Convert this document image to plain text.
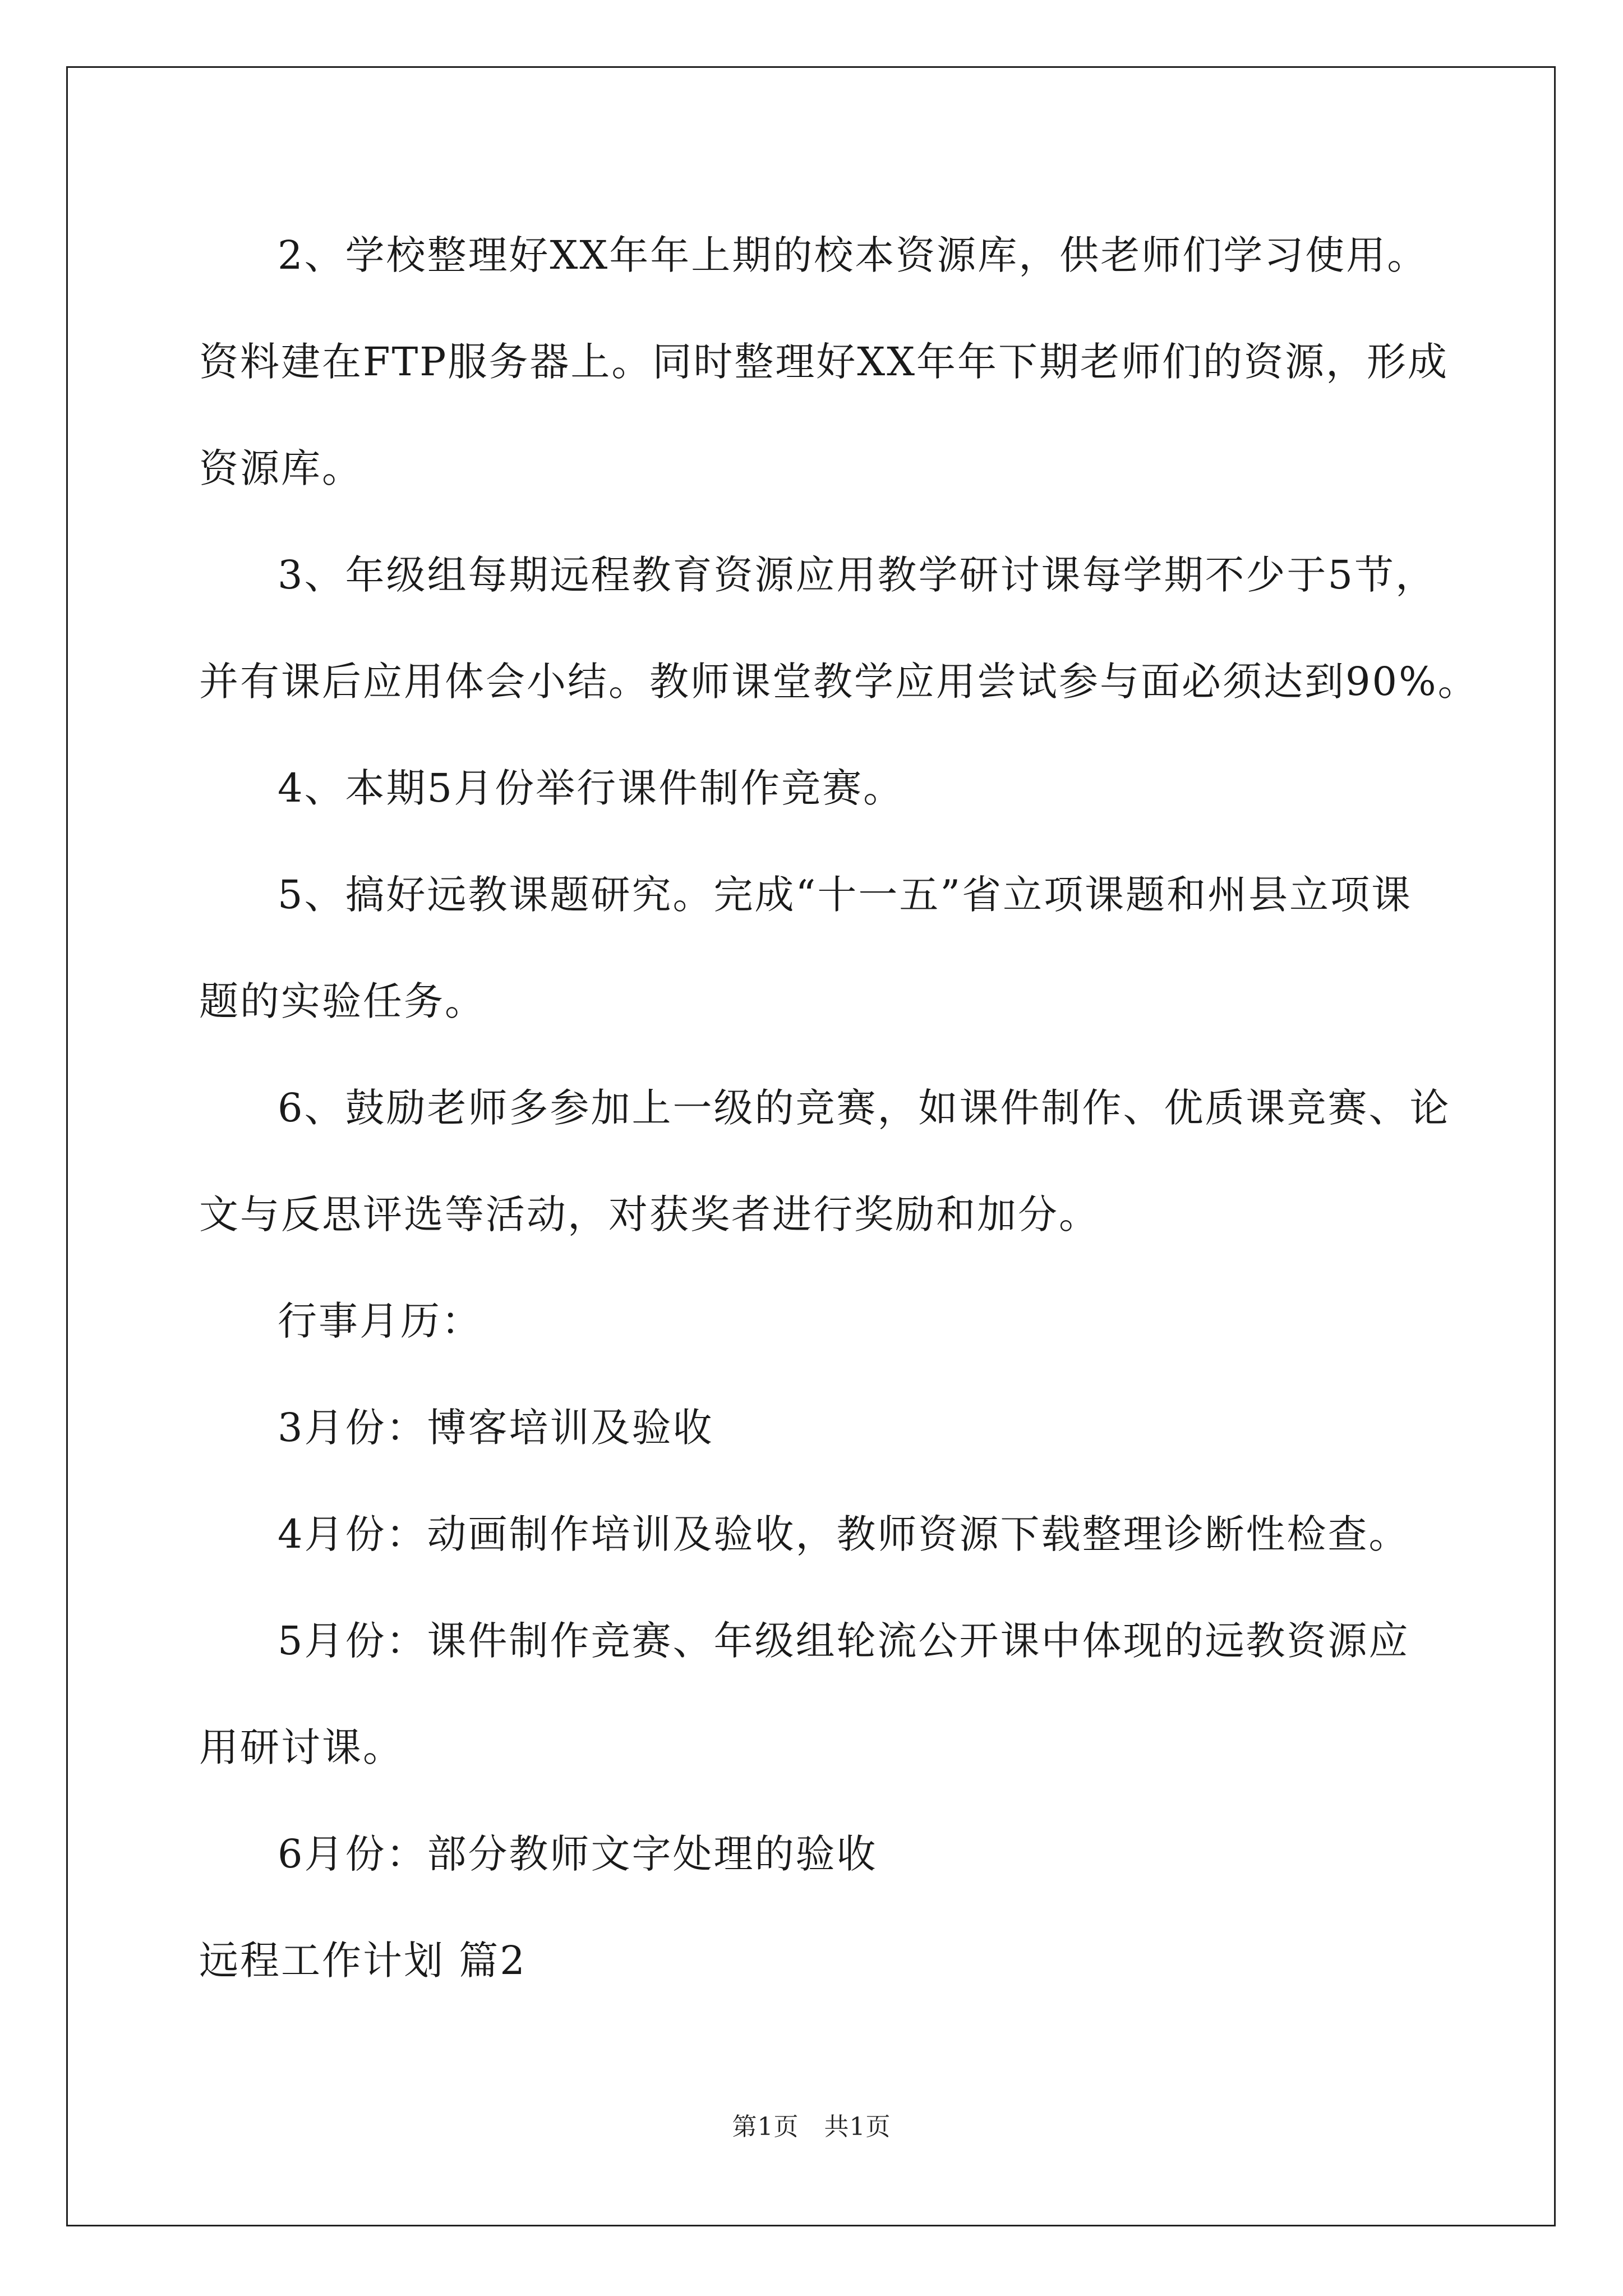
2、学校整理好XX年年上期的校本资源库，供老师们学习使用。

资料建在FTP服务器上。同时整理好XX年年下期老师们的资源，形成

资源库。

3、年级组每期远程教育资源应用教学研讨课每学期不少于5节，

并有课后应用体会小结。教师课堂教学应用尝试参与面必须达到90%。

4、本期5月份举行课件制作竞赛。

5、搞好远教课题研究。完成“十一五”省立项课题和州县立项课

题的实验任务。

6、鼓励老师多参加上一级的竞赛，如课件制作、优质课竞赛、论

文与反思评选等活动，对获奖者进行奖励和加分。

行事月历：

3月份：博客培训及验收

4月份：动画制作培训及验收，教师资源下载整理诊断性检查。

5月份：课件制作竞赛、年级组轮流公开课中体现的远教资源应

用研讨课。

6月份：部分教师文字处理的验收

远程工作计划 篇2

第1页　共1页
